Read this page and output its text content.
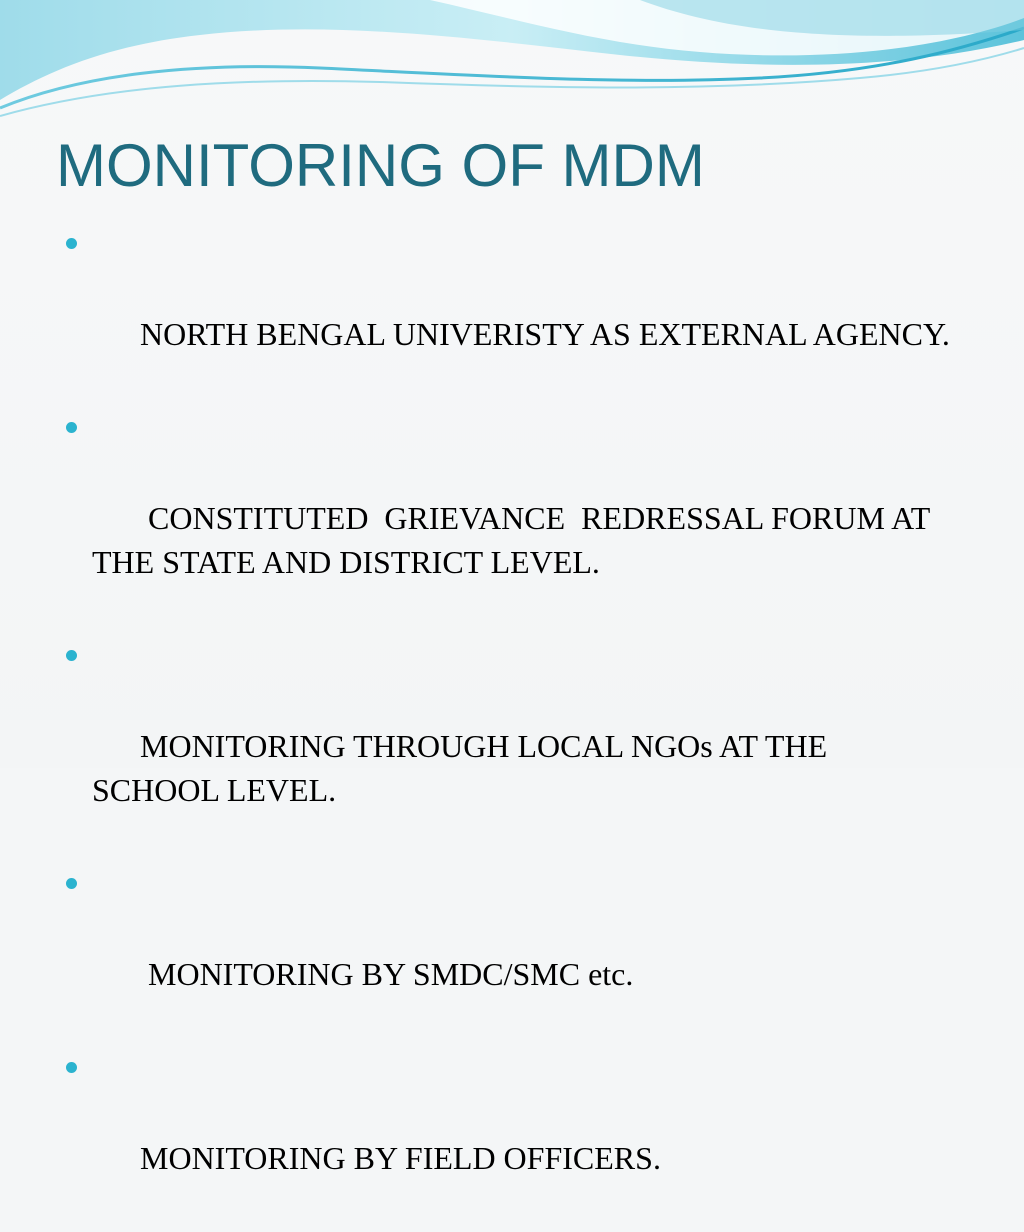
MONITORING OF MDM

NORTH BENGAL UNIVERISTY AS EXTERNAL AGENCY.

CONSTITUTED  GRIEVANCE  REDRESSAL FORUM AT THE STATE AND DISTRICT LEVEL.

MONITORING THROUGH LOCAL NGOs AT THE SCHOOL LEVEL.

MONITORING BY SMDC/SMC etc.

MONITORING BY FIELD OFFICERS.
